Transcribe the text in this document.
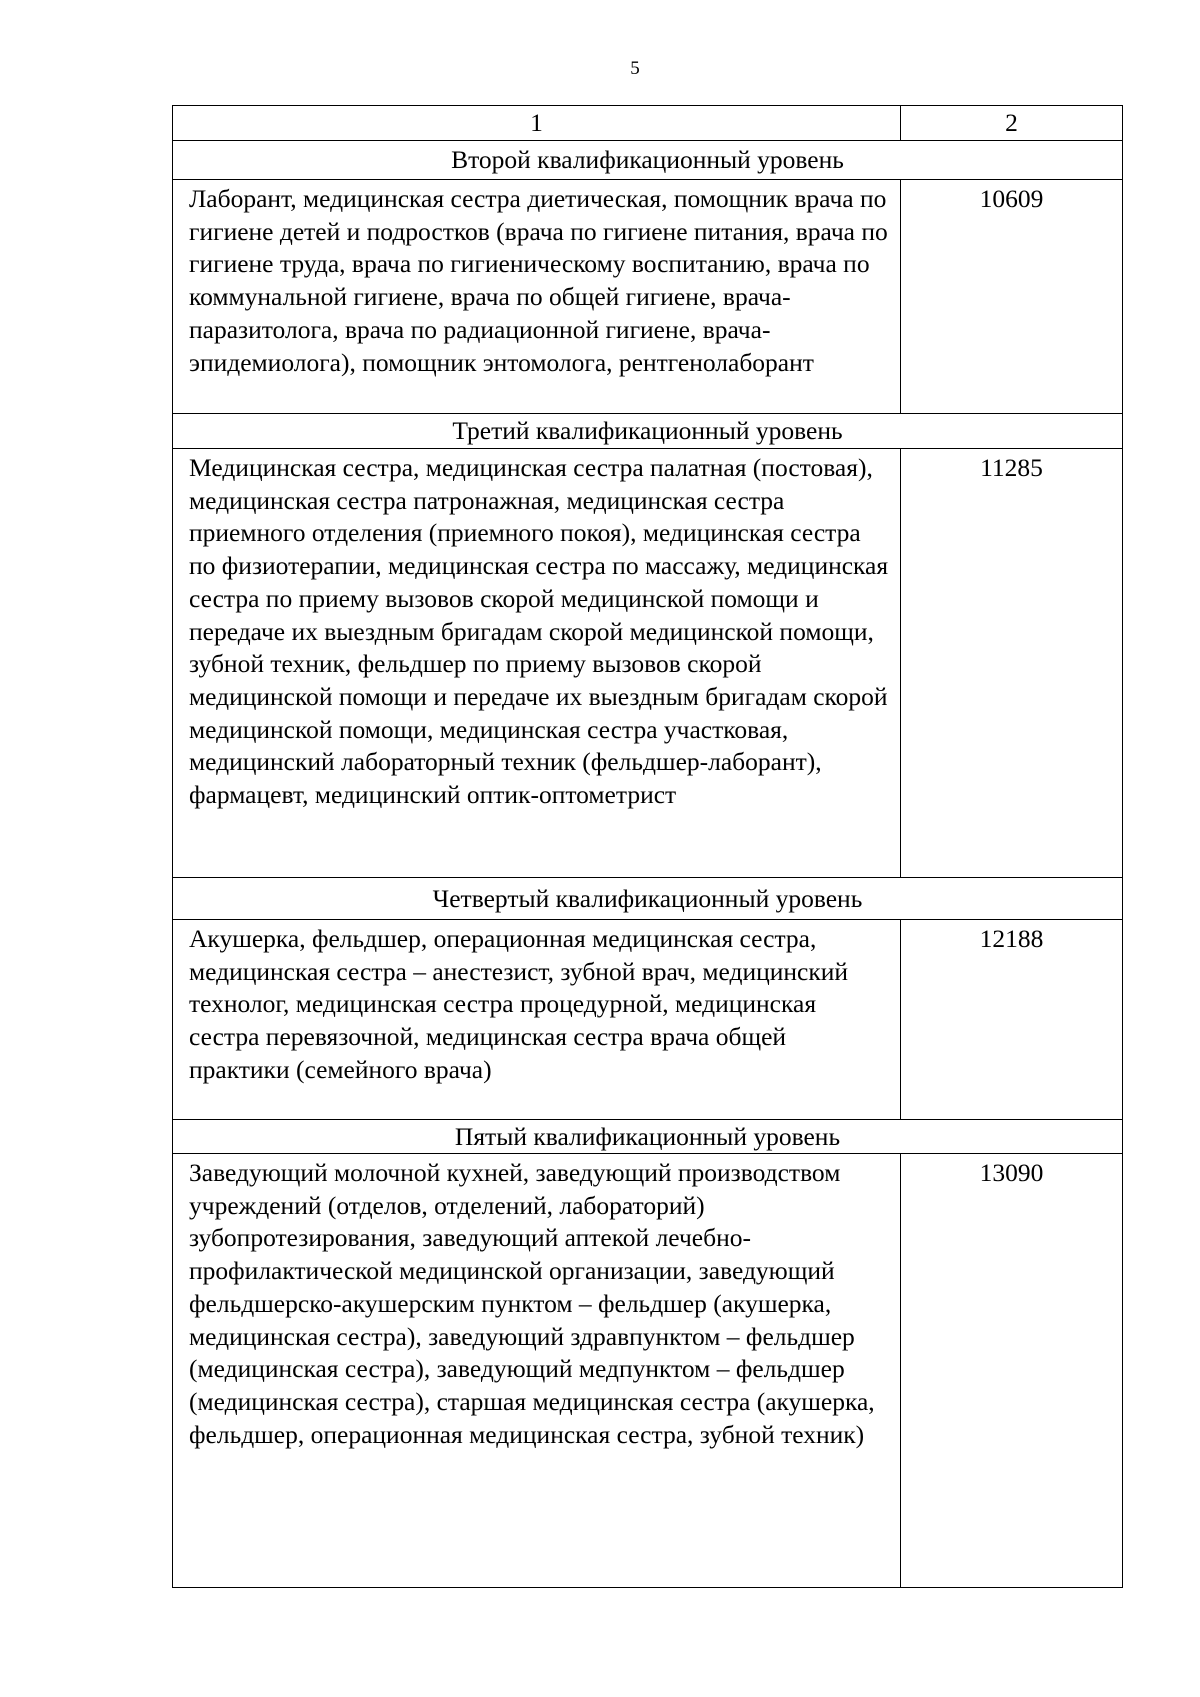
5
1	2
Второй квалификационный уровень	
Лаборант, медицинская сестра диетическая, помощник врача по гигиене детей и подростков (врача по гигиене питания, врача по гигиене труда, врача по гигиеническому воспитанию, врача по коммунальной гигиене, врача по общей гигиене, врача-паразитолога, врача по радиационной гигиене, врача-эпидемиолога), помощник энтомолога, рентгенолаборант	10609
Третий квалификационный уровень	
Медицинская сестра, медицинская сестра палатная (постовая), медицинская сестра патронажная, медицинская сестра приемного отделения (приемного покоя), медицинская сестра по физиотерапии, медицинская сестра по массажу, медицинская сестра по приему вызовов скорой медицинской помощи и передаче их выездным бригадам скорой медицинской помощи, зубной техник, фельдшер по приему вызовов скорой медицинской помощи и передаче их выездным бригадам скорой медицинской помощи, медицинская сестра участковая, медицинский лабораторный техник (фельдшер-лаборант), фармацевт, медицинский оптик-оптометрист	11285
Четвертый квалификационный уровень	
Акушерка, фельдшер, операционная медицинская сестра, медицинская сестра – анестезист, зубной врач, медицинский технолог, медицинская сестра процедурной, медицинская сестра перевязочной, медицинская сестра врача общей практики (семейного врача)	12188
Пятый квалификационный уровень	
Заведующий молочной кухней, заведующий производством учреждений (отделов, отделений, лабораторий) зубопротезирования, заведующий аптекой лечебно-профилактической медицинской организации, заведующий фельдшерско-акушерским пунктом – фельдшер (акушерка, медицинская сестра), заведующий здравпунктом – фельдшер (медицинская сестра), заведующий медпунктом – фельдшер (медицинская сестра), старшая медицинская сестра (акушерка, фельдшер, операционная медицинская сестра, зубной техник)	13090
